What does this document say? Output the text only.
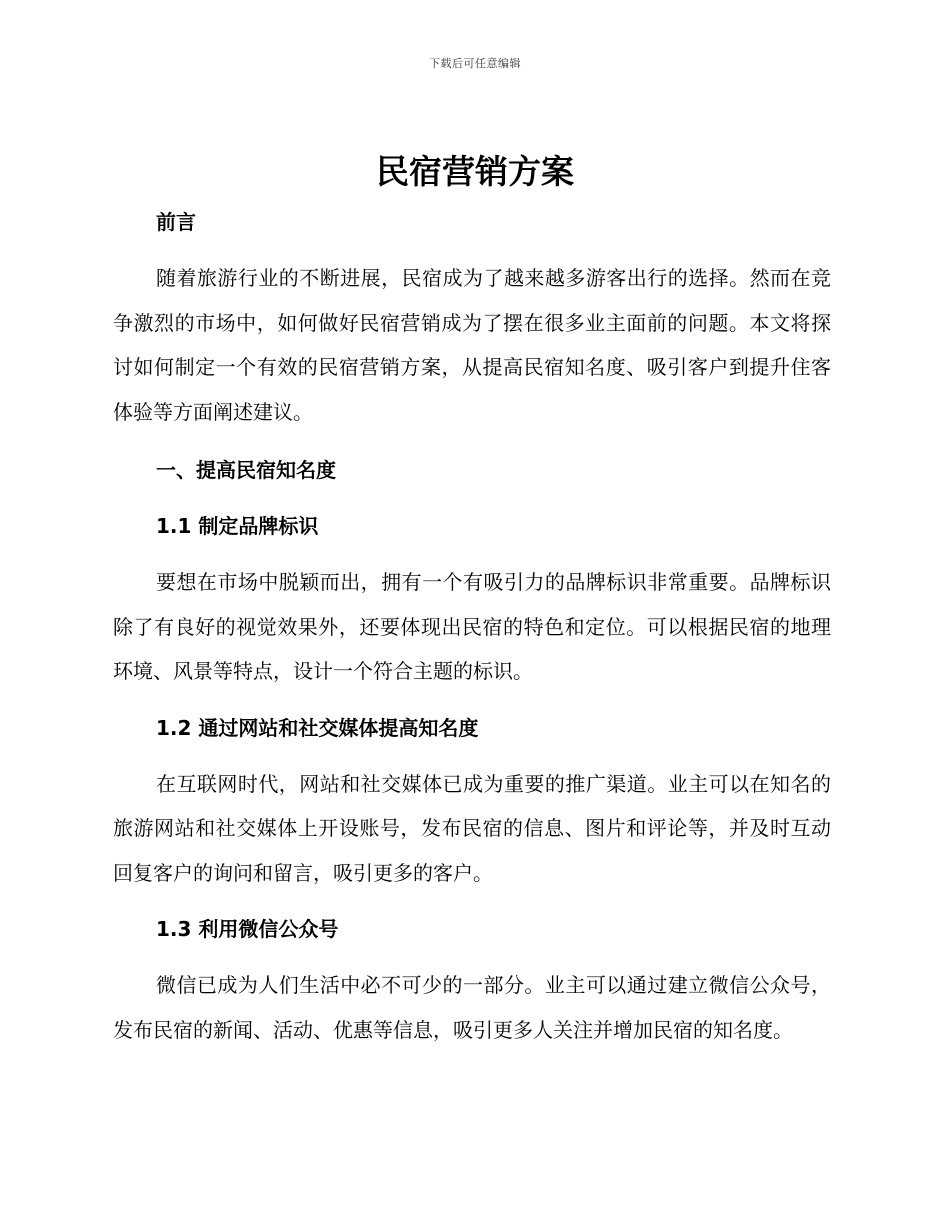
下载后可任意编辑
民宿营销方案
前言

随着旅游行业的不断进展，民宿成为了越来越多游客出行的选择。然而在竞争激烈的市场中，如何做好民宿营销成为了摆在很多业主面前的问题。本文将探讨如何制定一个有效的民宿营销方案，从提高民宿知名度、吸引客户到提升住客体验等方面阐述建议。

一、提高民宿知名度
1.1 制定品牌标识

要想在市场中脱颖而出，拥有一个有吸引力的品牌标识非常重要。品牌标识除了有良好的视觉效果外，还要体现出民宿的特色和定位。可以根据民宿的地理环境、风景等特点，设计一个符合主题的标识。

1.2 通过网站和社交媒体提高知名度

在互联网时代，网站和社交媒体已成为重要的推广渠道。业主可以在知名的旅游网站和社交媒体上开设账号，发布民宿的信息、图片和评论等，并及时互动回复客户的询问和留言，吸引更多的客户。

1.3 利用微信公众号

微信已成为人们生活中必不可少的一部分。业主可以通过建立微信公众号，发布民宿的新闻、活动、优惠等信息，吸引更多人关注并增加民宿的知名度。
